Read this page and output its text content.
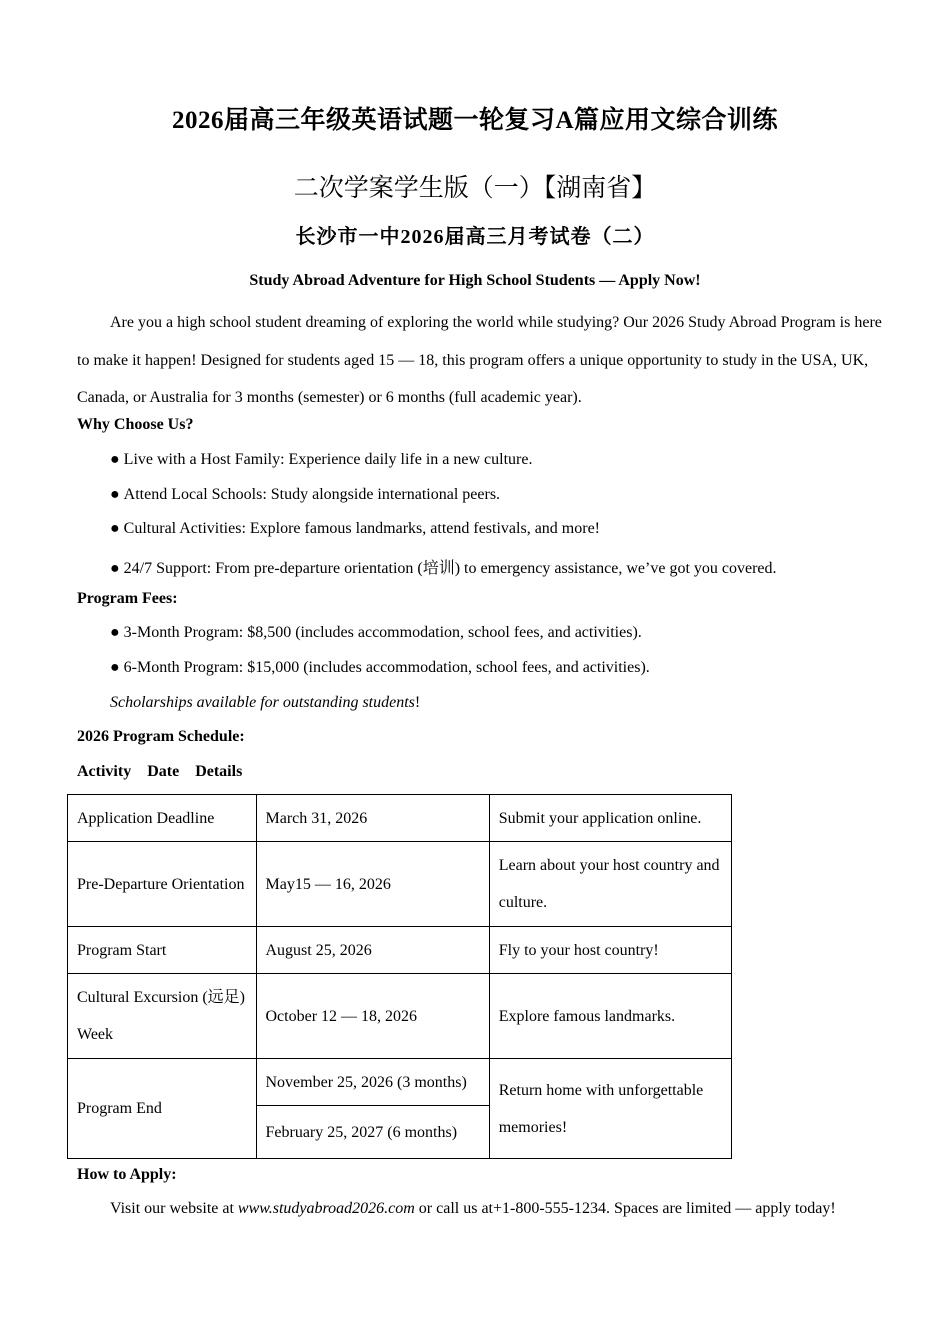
2026届高三年级英语试题一轮复习A篇应用文综合训练
二次学案学生版（一）【湖南省】
长沙市一中2026届高三月考试卷（二）
Study Abroad Adventure for High School Students — Apply Now!
Are you a high school student dreaming of exploring the world while studying? Our 2026 Study Abroad Program is here to make it happen! Designed for students aged 15 — 18, this program offers a unique opportunity to study in the USA, UK, Canada, or Australia for 3 months (semester) or 6 months (full academic year).
Why Choose Us?
● Live with a Host Family: Experience daily life in a new culture.
● Attend Local Schools: Study alongside international peers.
● Cultural Activities: Explore famous landmarks, attend festivals, and more!
● 24/7 Support: From pre-departure orientation (培训) to emergency assistance, we’ve got you covered.
Program Fees:
● 3-Month Program: $8,500 (includes accommodation, school fees, and activities).
● 6-Month Program: $15,000 (includes accommodation, school fees, and activities).
Scholarships available for outstanding students!
2026 Program Schedule:
Activity    Date    Details
Application Deadline	March 31, 2026	Submit your application online.
Pre-Departure Orientation	May15 — 16, 2026	Learn about your host country and culture.
Program Start	August 25, 2026	Fly to your host country!
Cultural Excursion (远足) Week	October 12 — 18, 2026	Explore famous landmarks.
Program End	November 25, 2026 (3 months)	Return home with unforgettable memories!
	February 25, 2027 (6 months)	
How to Apply:
Visit our website at www.studyabroad2026.com or call us at+1-800-555-1234. Spaces are limited — apply today!
